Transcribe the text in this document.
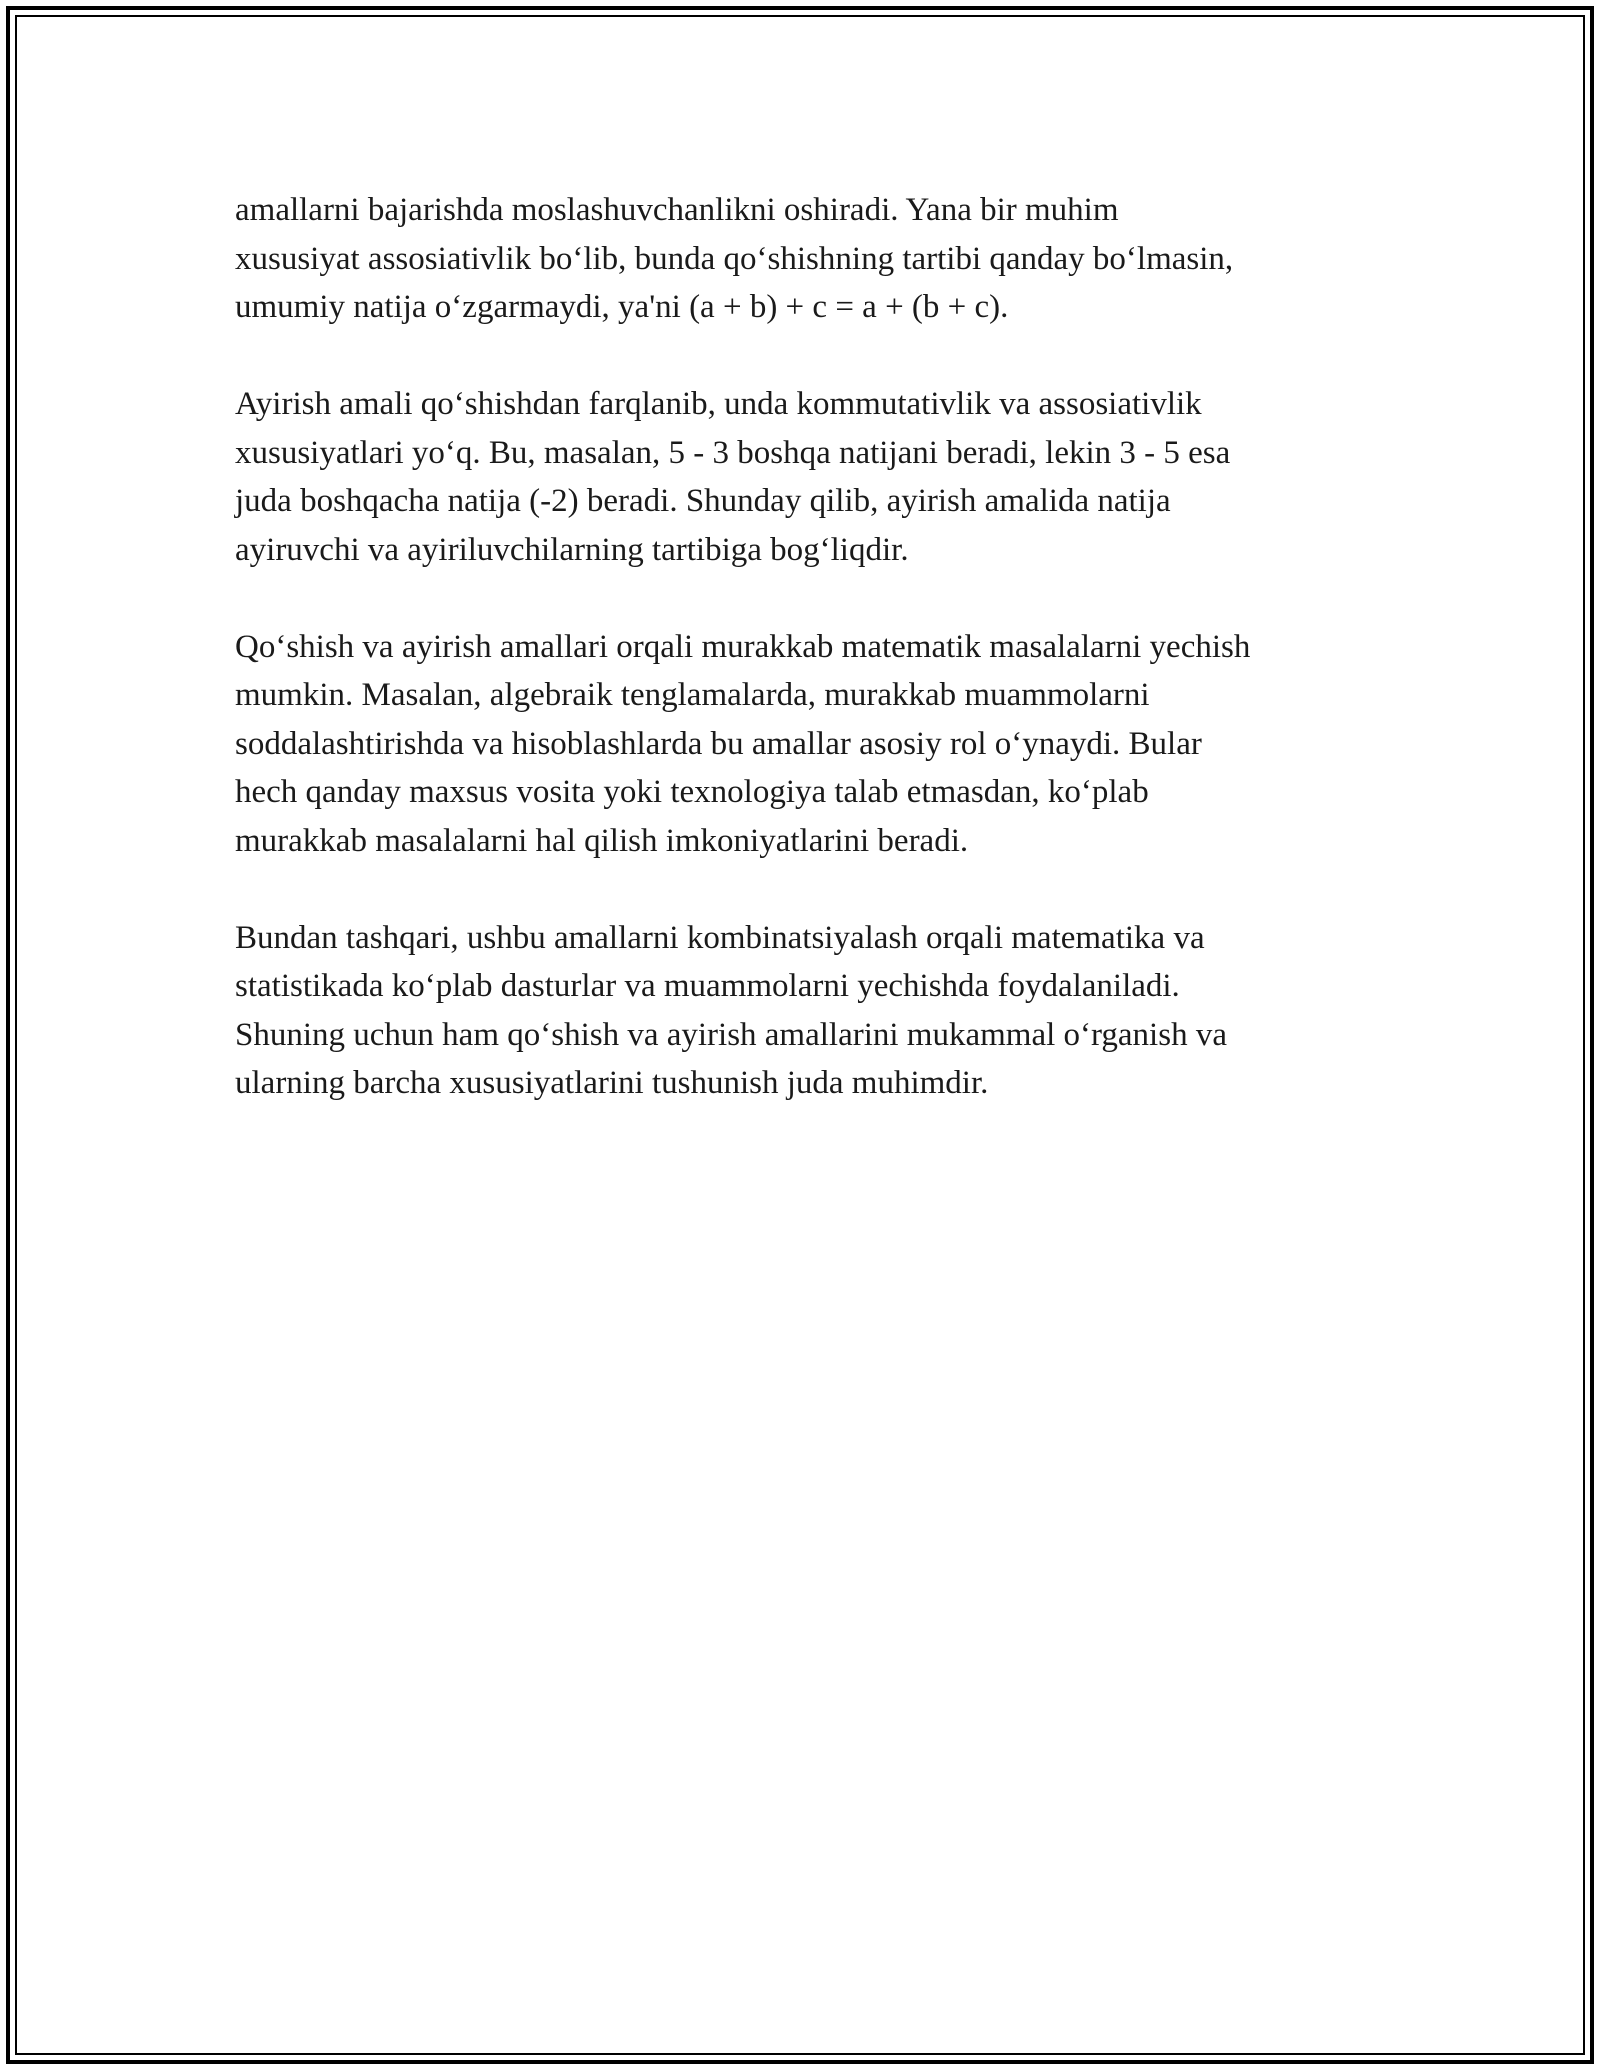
amallarni bajarishda moslashuvchanlikni oshiradi. Yana bir muhim
xususiyat assosiativlik bo‘lib, bunda qo‘shishning tartibi qanday bo‘lmasin,
umumiy natija o‘zgarmaydi, ya'ni (a + b) + c = a + (b + c).

Ayirish amali qo‘shishdan farqlanib, unda kommutativlik va assosiativlik
xususiyatlari yo‘q. Bu, masalan, 5 - 3 boshqa natijani beradi, lekin 3 - 5 esa
juda boshqacha natija (-2) beradi. Shunday qilib, ayirish amalida natija
ayiruvchi va ayiriluvchilarning tartibiga bog‘liqdir.

Qo‘shish va ayirish amallari orqali murakkab matematik masalalarni yechish
mumkin. Masalan, algebraik tenglamalarda, murakkab muammolarni
soddalashtirishda va hisoblashlarda bu amallar asosiy rol o‘ynaydi. Bular
hech qanday maxsus vosita yoki texnologiya talab etmasdan, ko‘plab
murakkab masalalarni hal qilish imkoniyatlarini beradi.

Bundan tashqari, ushbu amallarni kombinatsiyalash orqali matematika va
statistikada ko‘plab dasturlar va muammolarni yechishda foydalaniladi.
Shuning uchun ham qo‘shish va ayirish amallarini mukammal o‘rganish va
ularning barcha xususiyatlarini tushunish juda muhimdir.
